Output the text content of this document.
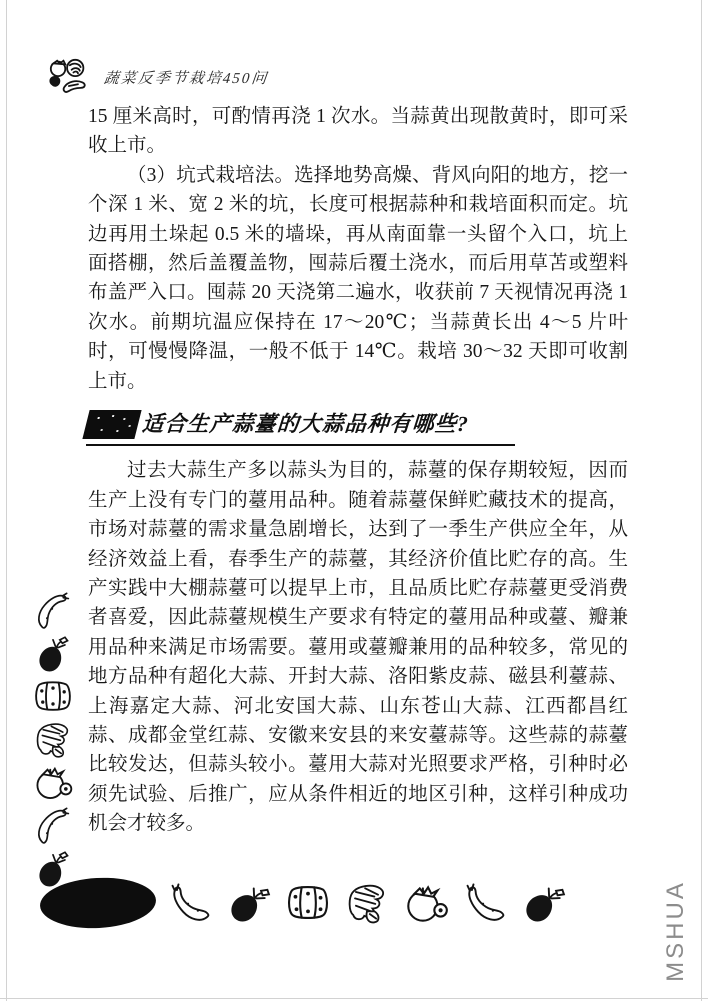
蔬菜反季节栽培450问

15 厘米高时，可酌情再浇 1 次水。当蒜黄出现散黄时，即可采收上市。

（3）坑式栽培法。选择地势高燥、背风向阳的地方，挖一个深 1 米、宽 2 米的坑，长度可根据蒜种和栽培面积而定。坑边再用土垛起 0.5 米的墙垛，再从南面靠一头留个入口，坑上面搭棚，然后盖覆盖物，囤蒜后覆土浇水，而后用草苫或塑料布盖严入口。囤蒜 20 天浇第二遍水，收获前 7 天视情况再浇 1 次水。前期坑温应保持在 17～20℃；当蒜黄长出 4～5 片叶时，可慢慢降温，一般不低于 14℃。栽培 30～32 天即可收割上市。

适合生产蒜薹的大蒜品种有哪些?

过去大蒜生产多以蒜头为目的，蒜薹的保存期较短，因而生产上没有专门的薹用品种。随着蒜薹保鲜贮藏技术的提高，市场对蒜薹的需求量急剧增长，达到了一季生产供应全年，从经济效益上看，春季生产的蒜薹，其经济价值比贮存的高。生产实践中大棚蒜薹可以提早上市，且品质比贮存蒜薹更受消费者喜爱，因此蒜薹规模生产要求有特定的薹用品种或薹、瓣兼用品种来满足市场需要。薹用或薹瓣兼用的品种较多，常见的地方品种有超化大蒜、开封大蒜、洛阳紫皮蒜、磁县利薹蒜、上海嘉定大蒜、河北安国大蒜、山东苍山大蒜、江西都昌红蒜、成都金堂红蒜、安徽来安县的来安薹蒜等。这些蒜的蒜薹比较发达，但蒜头较小。薹用大蒜对光照要求严格，引种时必须先试验、后推广，应从条件相近的地区引种，这样引种成功机会才较多。

MSHUA
